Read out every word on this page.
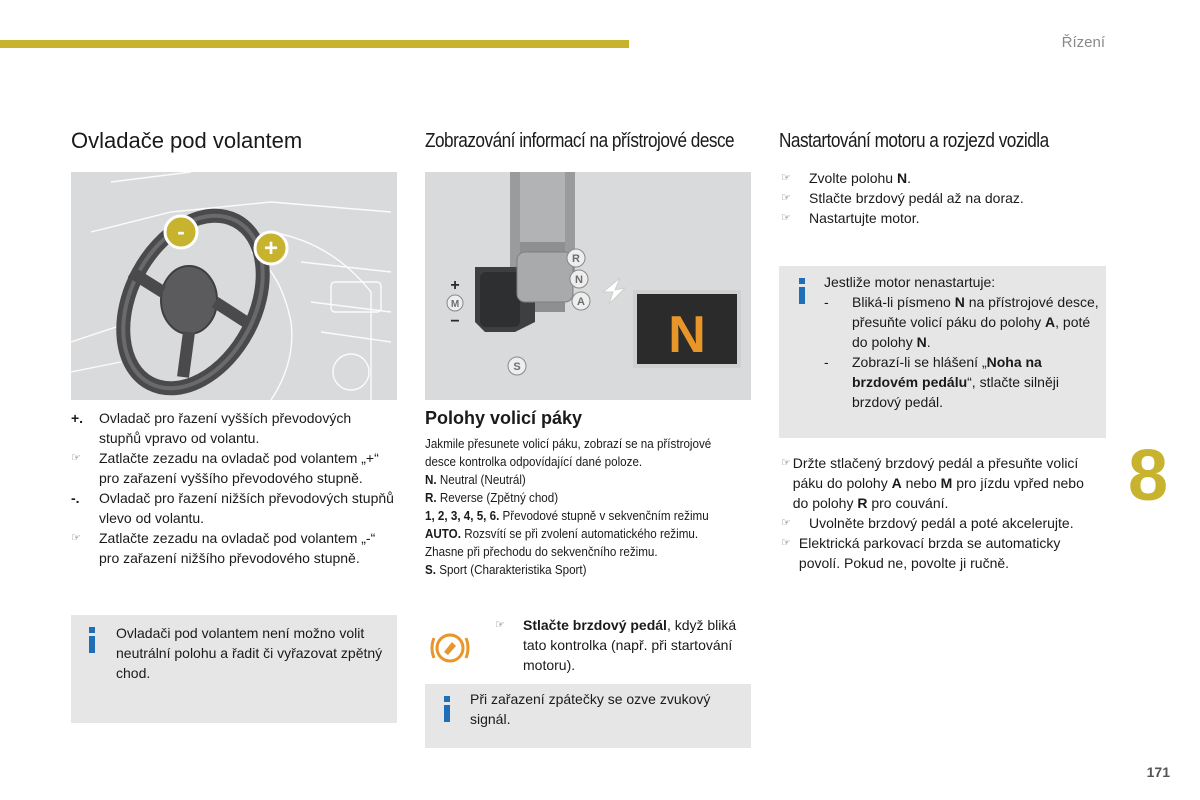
Řízení
8
171
Ovladače pod volantem
-
+
+.	Ovladač pro řazení vyšších převodových stupňů vpravo od volantu.
☞	Zatlačte zezadu na ovladač pod volantem „+“ pro zařazení vyššího převodového stupně.
-.	Ovladač pro řazení nižších převodových stupňů vlevo od volantu.
☞	Zatlačte zezadu na ovladač pod volantem „-“ pro zařazení nižšího převodového stupně.
Ovladači pod volantem není možno volit neutrální polohu a řadit či vyřazovat zpětný chod.
Zobrazování informací na přístrojové desce
R
N
A
S
+
M
−	N
Polohy volicí páky
Jakmile přesunete volicí páku, zobrazí se na přístrojové desce kontrolka odpovídající dané poloze.
N. Neutral (Neutrál)
R. Reverse (Zpětný chod)
1, 2, 3, 4, 5, 6. Převodové stupně v sekvenčním režimu
AUTO. Rozsvítí se při zvolení automatického režimu. Zhasne při přechodu do sekvenčního režimu.
S. Sport (Charakteristika Sport)
☞	Stlačte brzdový pedál, když bliká tato kontrolka (např. při startování motoru).
Při zařazení zpátečky se ozve zvukový signál.
Nastartování motoru a rozjezd vozidla
☞	Zvolte polohu N.
☞	Stlačte brzdový pedál až na doraz.
☞	Nastartujte motor.
Jestliže motor nenastartuje:
-	Bliká-li písmeno N na přístrojové desce, přesuňte volicí páku do polohy A, poté do polohy N.
-	Zobrazí-li se hlášení „Noha na brzdovém pedálu“, stlačte silněji brzdový pedál.
☞ Držte stlačený brzdový pedál a přesuňte volicí páku do polohy A nebo M pro jízdu vpřed nebo do polohy R pro couvání.
☞	Uvolněte brzdový pedál a poté akcelerujte.
☞ Elektrická parkovací brzda se automaticky povolí. Pokud ne, povolte ji ručně.
